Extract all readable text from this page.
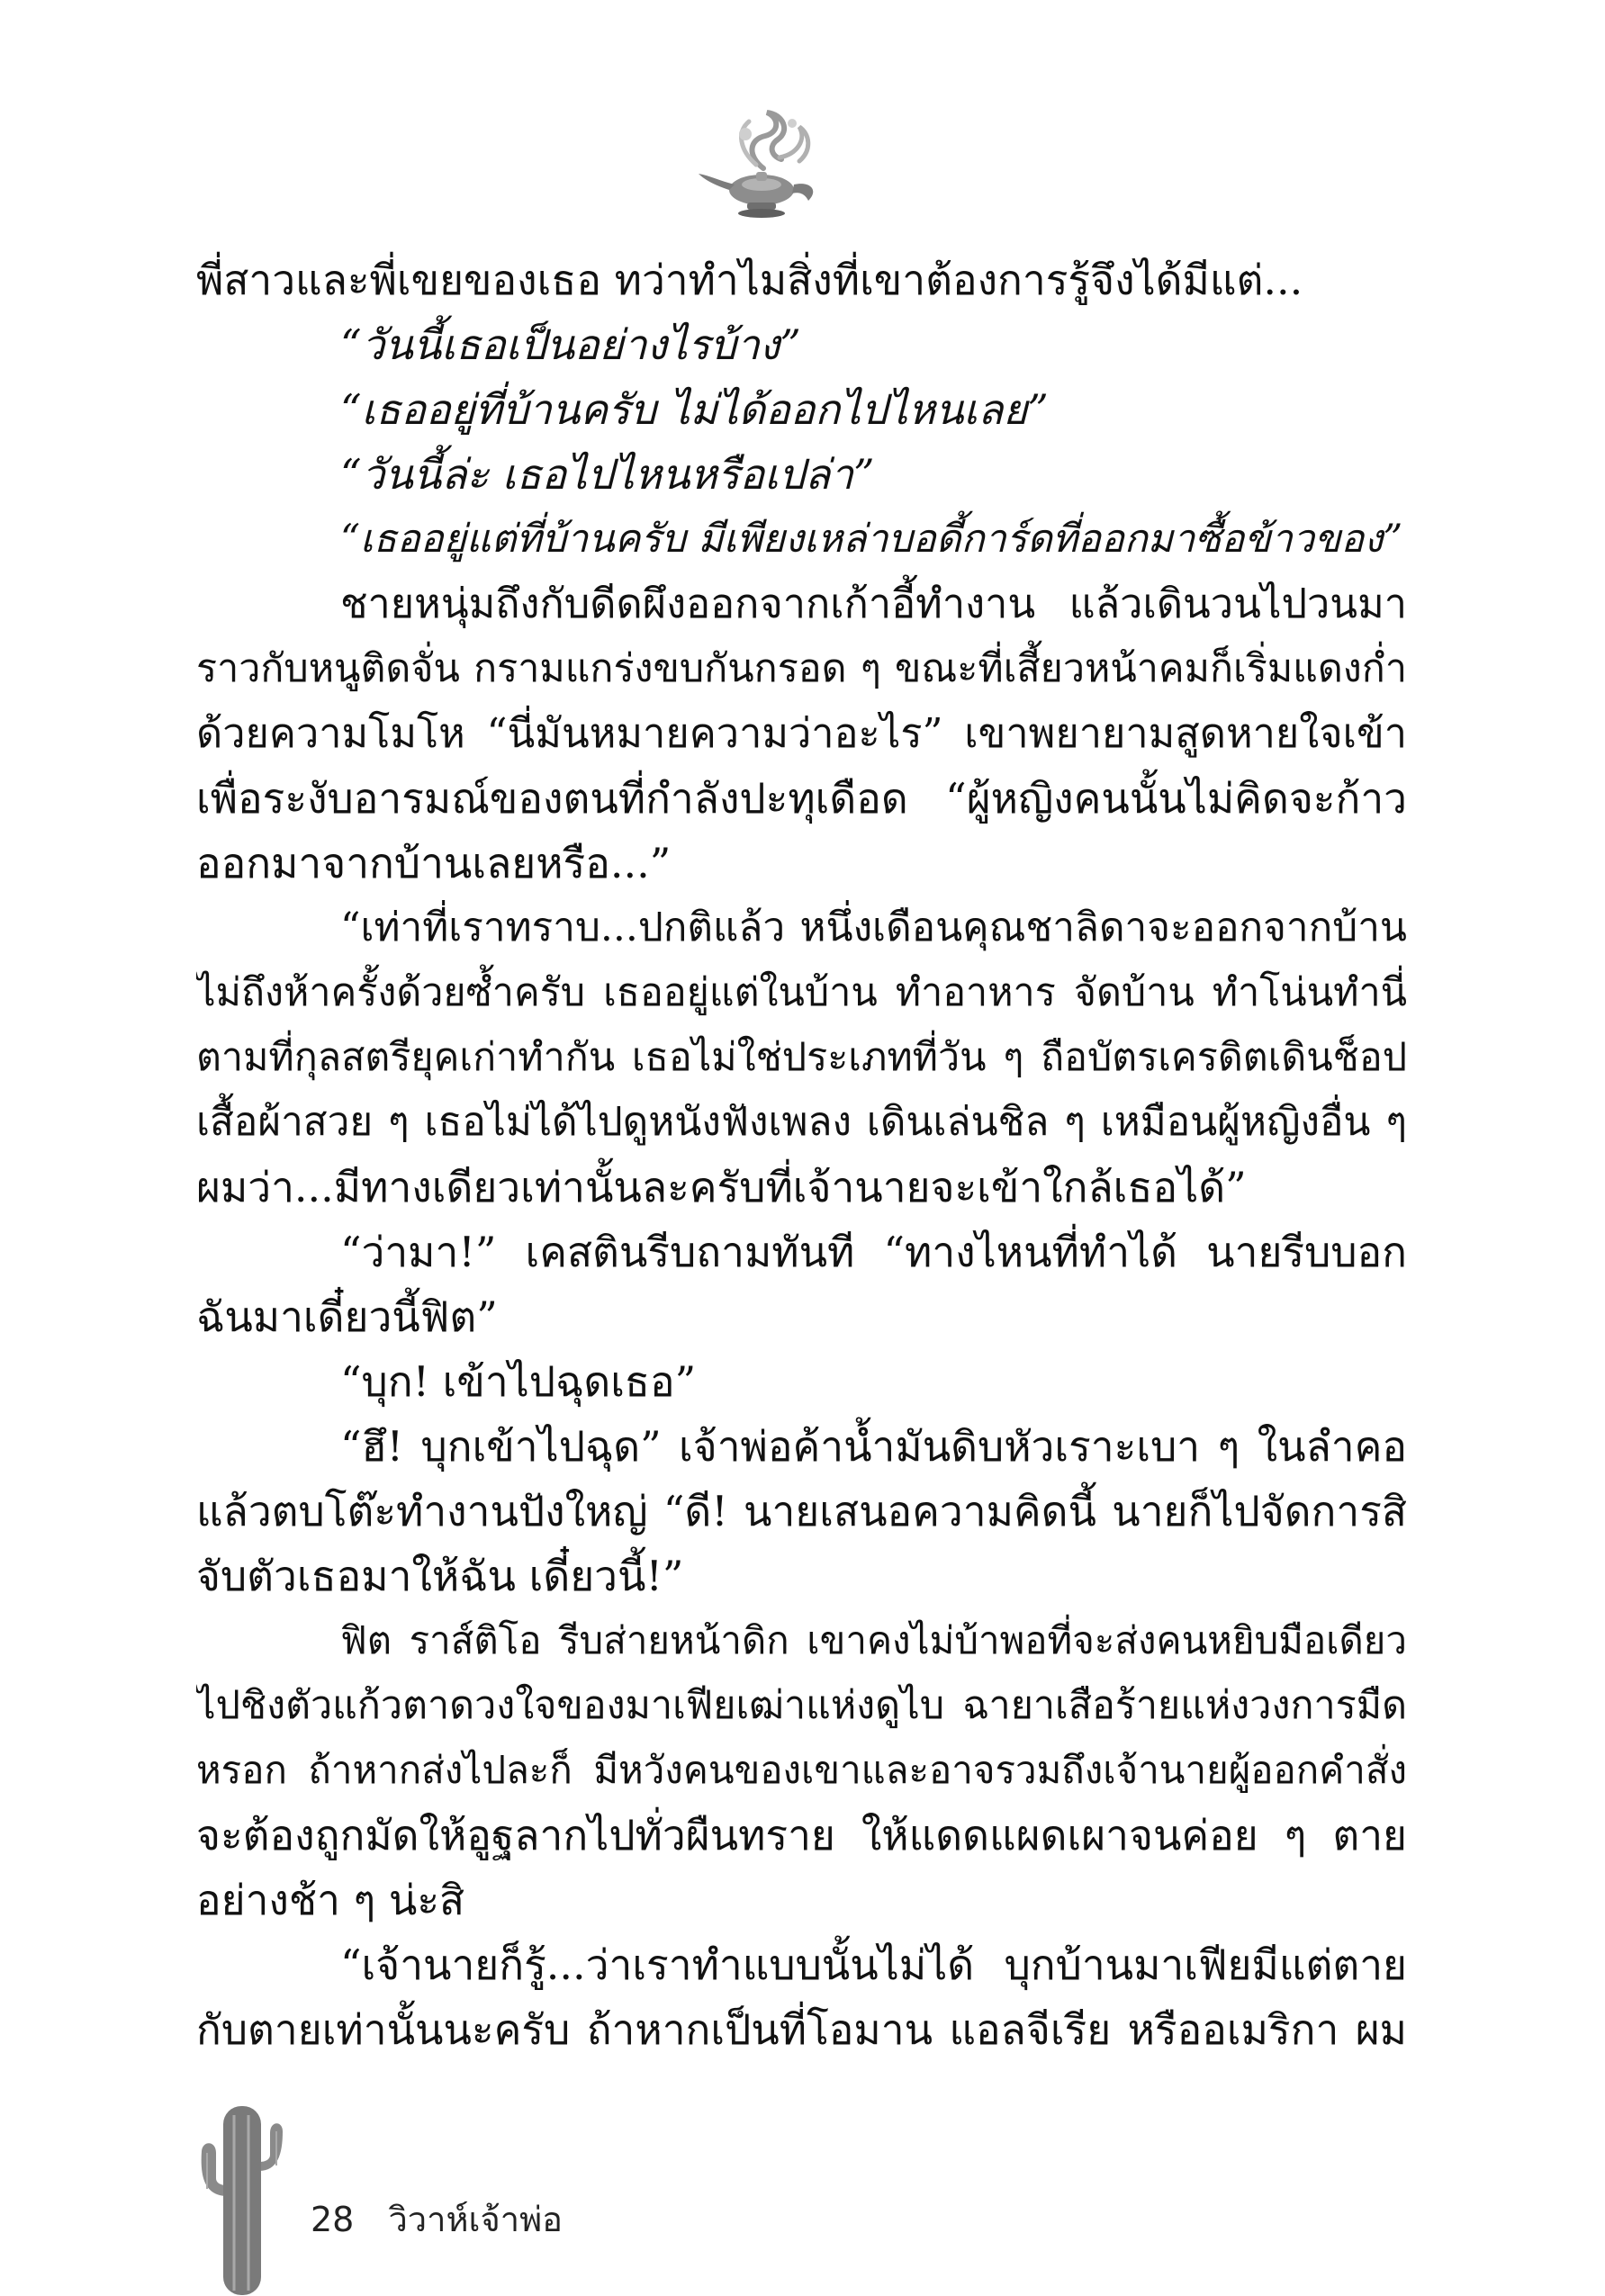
พี่สาวและพี่เขยของเธอ ทว่าทำไมสิ่งที่เขาต้องการรู้จึงได้มีแต่...
“วันนี้เธอเป็นอย่างไรบ้าง”
“เธออยู่ที่บ้านครับ ไม่ได้ออกไปไหนเลย”
“วันนี้ล่ะ เธอไปไหนหรือเปล่า”
“เธออยู่แต่ที่บ้านครับ มีเพียงเหล่าบอดี้การ์ดที่ออกมาซื้อข้าวของ”
ชายหนุ่มถึงกับดีดผึงออกจากเก้าอี้ทำงาน แล้วเดินวนไปวนมา
ราวกับหนูติดจั่น กรามแกร่งขบกันกรอด ๆ ขณะที่เสี้ยวหน้าคมก็เริ่มแดงก่ำ
ด้วยความโมโห “นี่มันหมายความว่าอะไร” เขาพยายามสูดหายใจเข้า
เพื่อระงับอารมณ์ของตนที่กำลังปะทุเดือด “ผู้หญิงคนนั้นไม่คิดจะก้าว
ออกมาจากบ้านเลยหรือ...”
“เท่าที่เราทราบ...ปกติแล้ว หนึ่งเดือนคุณชาลิดาจะออกจากบ้าน
ไม่ถึงห้าครั้งด้วยซ้ำครับ เธออยู่แต่ในบ้าน ทำอาหาร จัดบ้าน ทำโน่นทำนี่
ตามที่กุลสตรียุคเก่าทำกัน เธอไม่ใช่ประเภทที่วัน ๆ ถือบัตรเครดิตเดินช็อป
เสื้อผ้าสวย ๆ เธอไม่ได้ไปดูหนังฟังเพลง เดินเล่นชิล ๆ เหมือนผู้หญิงอื่น ๆ
ผมว่า...มีทางเดียวเท่านั้นละครับที่เจ้านายจะเข้าใกล้เธอได้”
“ว่ามา!” เคสตินรีบถามทันที “ทางไหนที่ทำได้ นายรีบบอก
ฉันมาเดี๋ยวนี้ฟิต”
“บุก! เข้าไปฉุดเธอ”
“ฮึ! บุกเข้าไปฉุด” เจ้าพ่อค้าน้ำมันดิบหัวเราะเบา ๆ ในลำคอ
แล้วตบโต๊ะทำงานปังใหญ่ “ดี! นายเสนอความคิดนี้ นายก็ไปจัดการสิ
จับตัวเธอมาให้ฉัน เดี๋ยวนี้!”
ฟิต ราส์ติโอ รีบส่ายหน้าดิก เขาคงไม่บ้าพอที่จะส่งคนหยิบมือเดียว
ไปชิงตัวแก้วตาดวงใจของมาเฟียเฒ่าแห่งดูไบ ฉายาเสือร้ายแห่งวงการมืด
หรอก ถ้าหากส่งไปละก็ มีหวังคนของเขาและอาจรวมถึงเจ้านายผู้ออกคำสั่ง
จะต้องถูกมัดให้อูฐลากไปทั่วผืนทราย ให้แดดแผดเผาจนค่อย ๆ ตาย
อย่างช้า ๆ น่ะสิ
“เจ้านายก็รู้...ว่าเราทำแบบนั้นไม่ได้ บุกบ้านมาเฟียมีแต่ตาย
กับตายเท่านั้นนะครับ ถ้าหากเป็นที่โอมาน แอลจีเรีย หรืออเมริกา ผม
28 วิวาห์เจ้าพ่อ
